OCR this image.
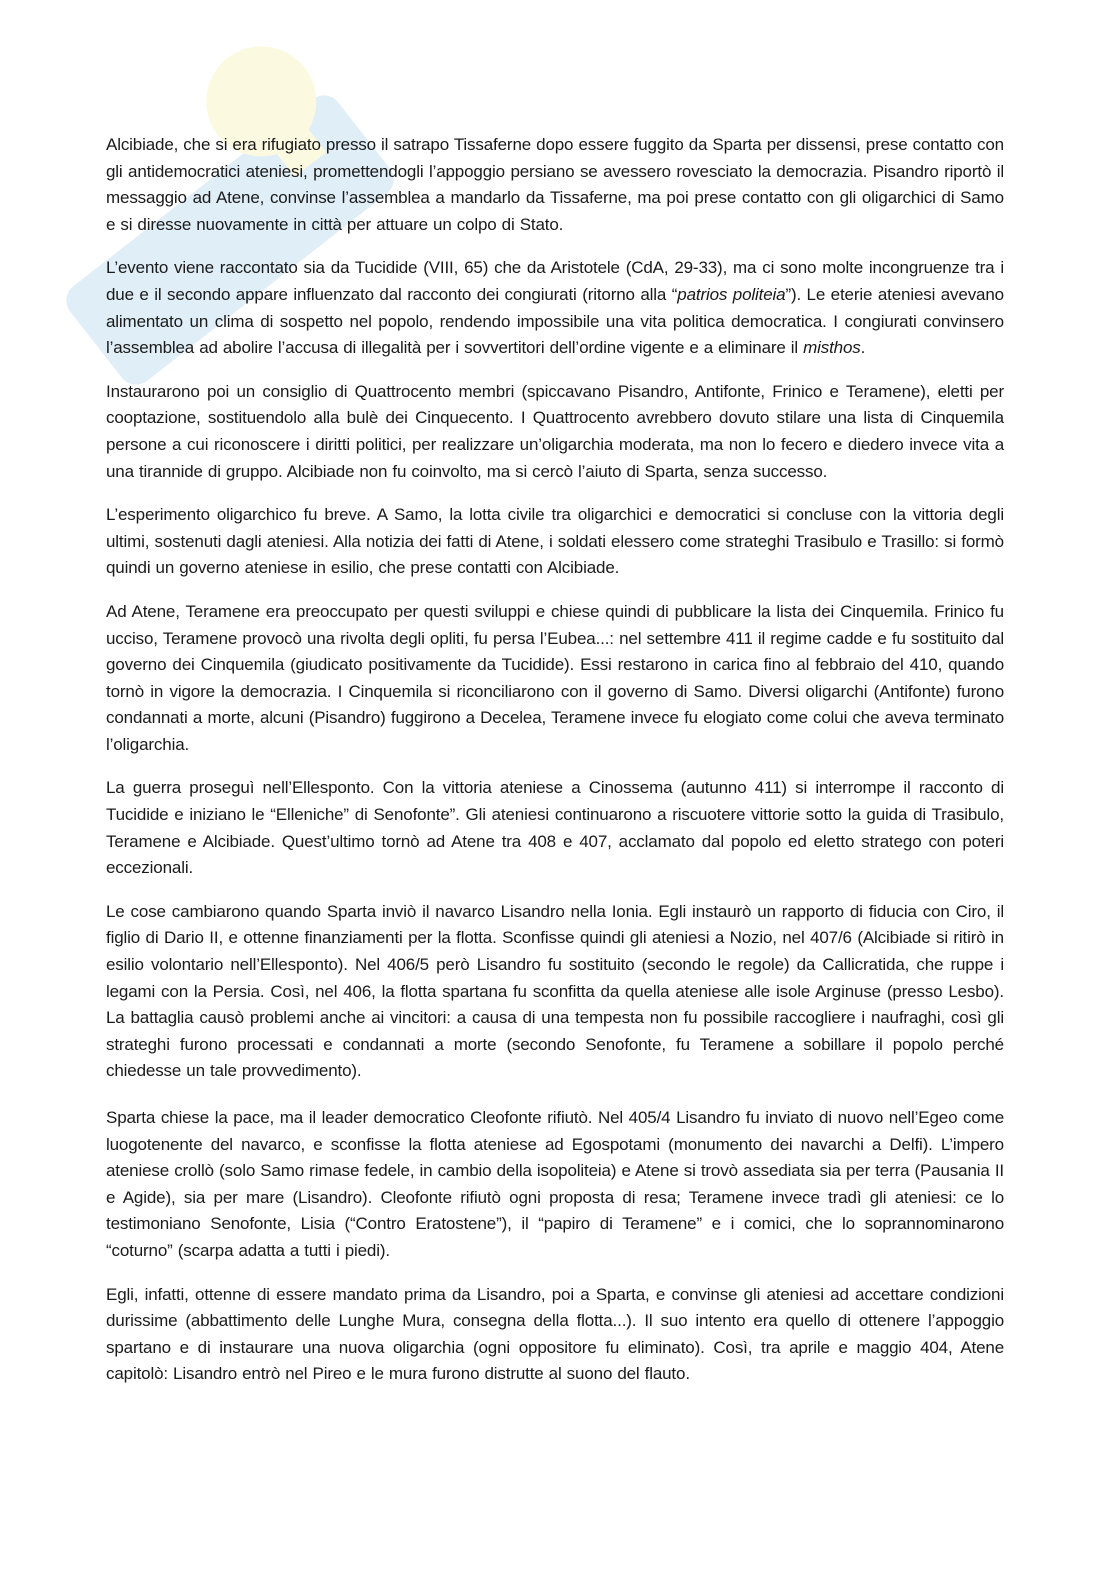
Alcibiade, che si era rifugiato presso il satrapo Tissaferne dopo essere fuggito da Sparta per dissensi, prese contatto con gli antidemocratici ateniesi, promettendogli l’appoggio persiano se avessero rovesciato la democrazia. Pisandro riportò il messaggio ad Atene, convinse l’assemblea a mandarlo da Tissaferne, ma poi prese contatto con gli oligarchici di Samo e si diresse nuovamente in città per attuare un colpo di Stato.

L’evento viene raccontato sia da Tucidide (VIII, 65) che da Aristotele (CdA, 29-33), ma ci sono molte incongruenze tra i due e il secondo appare influenzato dal racconto dei congiurati (ritorno alla “patrios politeia”). Le eterie ateniesi avevano alimentato un clima di sospetto nel popolo, rendendo impossibile una vita politica democratica. I congiurati convinsero l’assemblea ad abolire l’accusa di illegalità per i sovvertitori dell’ordine vigente e a eliminare il misthos.

Instaurarono poi un consiglio di Quattrocento membri (spiccavano Pisandro, Antifonte, Frinico e Teramene), eletti per cooptazione, sostituendolo alla bulè dei Cinquecento. I Quattrocento avrebbero dovuto stilare una lista di Cinquemila persone a cui riconoscere i diritti politici, per realizzare un’oligarchia moderata, ma non lo fecero e diedero invece vita a una tirannide di gruppo. Alcibiade non fu coinvolto, ma si cercò l’aiuto di Sparta, senza successo.

L’esperimento oligarchico fu breve. A Samo, la lotta civile tra oligarchici e democratici si concluse con la vittoria degli ultimi, sostenuti dagli ateniesi. Alla notizia dei fatti di Atene, i soldati elessero come strateghi Trasibulo e Trasillo: si formò quindi un governo ateniese in esilio, che prese contatti con Alcibiade.

Ad Atene, Teramene era preoccupato per questi sviluppi e chiese quindi di pubblicare la lista dei Cinquemila. Frinico fu ucciso, Teramene provocò una rivolta degli opliti, fu persa l’Eubea...: nel settembre 411 il regime cadde e fu sostituito dal governo dei Cinquemila (giudicato positivamente da Tucidide). Essi restarono in carica fino al febbraio del 410, quando tornò in vigore la democrazia. I Cinquemila si riconciliarono con il governo di Samo. Diversi oligarchi (Antifonte) furono condannati a morte, alcuni (Pisandro) fuggirono a Decelea, Teramene invece fu elogiato come colui che aveva terminato l’oligarchia.

La guerra proseguì nell’Ellesponto. Con la vittoria ateniese a Cinossema (autunno 411) si interrompe il racconto di Tucidide e iniziano le “Elleniche” di Senofonte”. Gli ateniesi continuarono a riscuotere vittorie sotto la guida di Trasibulo, Teramene e Alcibiade. Quest’ultimo tornò ad Atene tra 408 e 407, acclamato dal popolo ed eletto stratego con poteri eccezionali.

Le cose cambiarono quando Sparta inviò il navarco Lisandro nella Ionia. Egli instaurò un rapporto di fiducia con Ciro, il figlio di Dario II, e ottenne finanziamenti per la flotta. Sconfisse quindi gli ateniesi a Nozio, nel 407/6 (Alcibiade si ritirò in esilio volontario nell’Ellesponto). Nel 406/5 però Lisandro fu sostituito (secondo le regole) da Callicratida, che ruppe i legami con la Persia. Così, nel 406, la flotta spartana fu sconfitta da quella ateniese alle isole Arginuse (presso Lesbo). La battaglia causò problemi anche ai vincitori: a causa di una tempesta non fu possibile raccogliere i naufraghi, così gli strateghi furono processati e condannati a morte (secondo Senofonte, fu Teramene a sobillare il popolo perché chiedesse un tale provvedimento).

Sparta chiese la pace, ma il leader democratico Cleofonte rifiutò. Nel 405/4 Lisandro fu inviato di nuovo nell’Egeo come luogotenente del navarco, e sconfisse la flotta ateniese ad Egospotami (monumento dei navarchi a Delfi). L’impero ateniese crollò (solo Samo rimase fedele, in cambio della isopoliteia) e Atene si trovò assediata sia per terra (Pausania II e Agide), sia per mare (Lisandro). Cleofonte rifiutò ogni proposta di resa; Teramene invece tradì gli ateniesi: ce lo testimoniano Senofonte, Lisia (“Contro Eratostene”), il “papiro di Teramene” e i comici, che lo soprannominarono “coturno” (scarpa adatta a tutti i piedi).

Egli, infatti, ottenne di essere mandato prima da Lisandro, poi a Sparta, e convinse gli ateniesi ad accettare condizioni durissime (abbattimento delle Lunghe Mura, consegna della flotta...). Il suo intento era quello di ottenere l’appoggio spartano e di instaurare una nuova oligarchia (ogni oppositore fu eliminato). Così, tra aprile e maggio 404, Atene capitolò: Lisandro entrò nel Pireo e le mura furono distrutte al suono del flauto.
